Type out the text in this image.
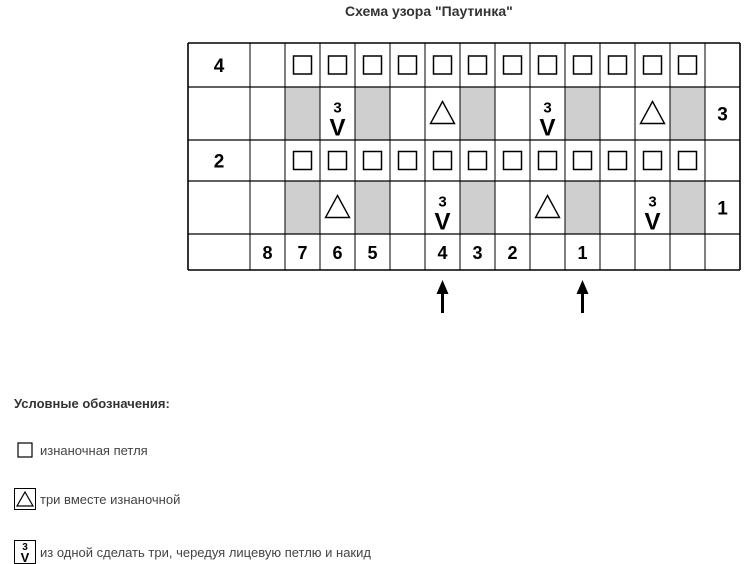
Схема узора "Паутинка"
4
3
2
1
3
V
3
V
3
V
3
V
8 7 6 5	4 3 2	1
Условные обозначения:
изнаночная петля
три вместе изнаночной
3
V из одной сделать три, чередуя лицевую петлю и накид
